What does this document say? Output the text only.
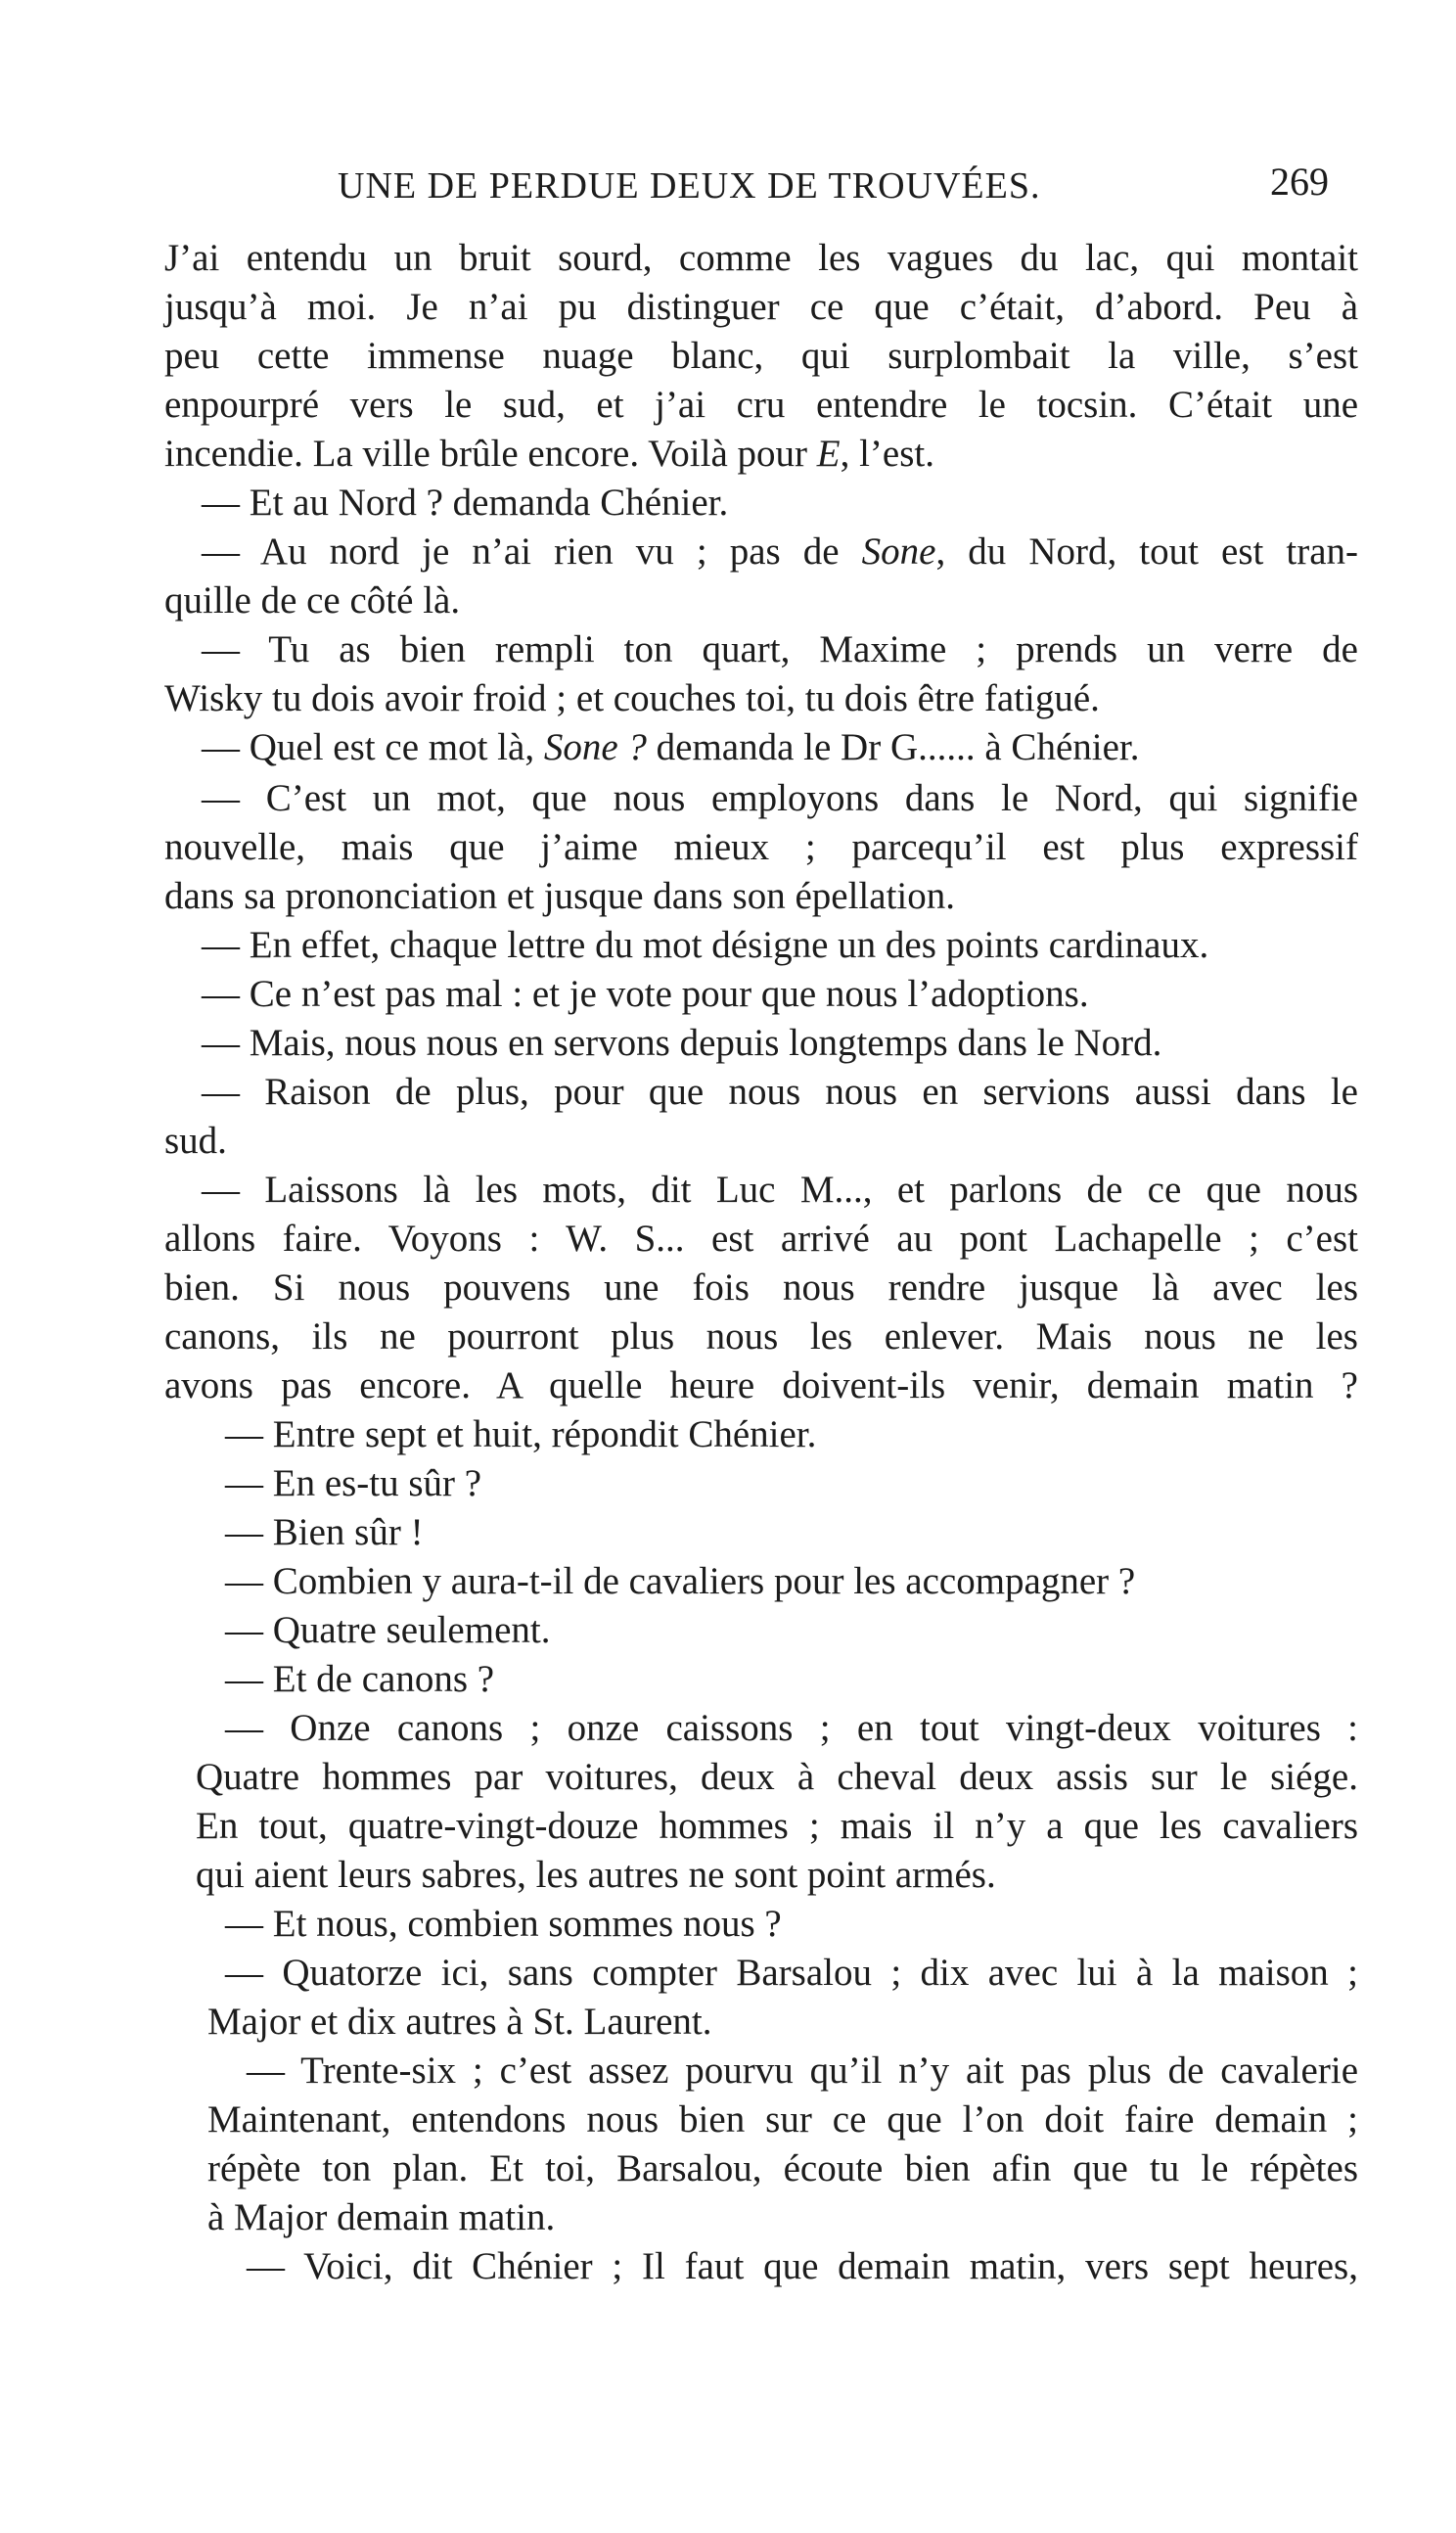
UNE DE PERDUE DEUX DE TROUVÉES.	269
J’ai entendu un bruit sourd, comme les vagues du lac, qui montait
jusqu’à moi. Je n’ai pu distinguer ce que c’était, d’abord. Peu à
peu cette immense nuage blanc, qui surplombait la ville, s’est
enpourpré vers le sud, et j’ai cru entendre le tocsin. C’était une
incendie. La ville brûle encore. Voilà pour E, l’est.
— Et au Nord ? demanda Chénier.
— Au nord je n’ai rien vu ; pas de Sone, du Nord, tout est tran-
quille de ce côté là.
— Tu as bien rempli ton quart, Maxime ; prends un verre de
Wisky tu dois avoir froid ; et couches toi, tu dois être fatigué.
— Quel est ce mot là, Sone ? demanda le Dr G...... à Chénier.
— C’est un mot, que nous employons dans le Nord, qui signifie
nouvelle, mais que j’aime mieux ; parcequ’il est plus expressif
dans sa prononciation et jusque dans son épellation.
— En effet, chaque lettre du mot désigne un des points cardinaux.
— Ce n’est pas mal : et je vote pour que nous l’adoptions.
— Mais, nous nous en servons depuis longtemps dans le Nord.
— Raison de plus, pour que nous nous en servions aussi dans le
sud.
— Laissons là les mots, dit Luc M..., et parlons de ce que nous
allons faire. Voyons : W. S... est arrivé au pont Lachapelle ; c’est
bien. Si nous pouvens une fois nous rendre jusque là avec les
canons, ils ne pourront plus nous les enlever. Mais nous ne les
avons pas encore. A quelle heure doivent-ils venir, demain matin ?
— Entre sept et huit, répondit Chénier.
— En es-tu sûr ?
— Bien sûr !
— Combien y aura-t-il de cavaliers pour les accompagner ?
— Quatre seulement.
— Et de canons ?
— Onze canons ; onze caissons ; en tout vingt-deux voitures :
Quatre hommes par voitures, deux à cheval deux assis sur le siége.
En tout, quatre-vingt-douze hommes ; mais il n’y a que les cavaliers
qui aient leurs sabres, les autres ne sont point armés.
— Et nous, combien sommes nous ?
— Quatorze ici, sans compter Barsalou ; dix avec lui à la maison ;
Major et dix autres à St. Laurent.
— Trente-six ; c’est assez pourvu qu’il n’y ait pas plus de cavalerie
Maintenant, entendons nous bien sur ce que l’on doit faire demain ;
répète ton plan. Et toi, Barsalou, écoute bien afin que tu le répètes
à Major demain matin.
— Voici, dit Chénier ; Il faut que demain matin, vers sept heures,
